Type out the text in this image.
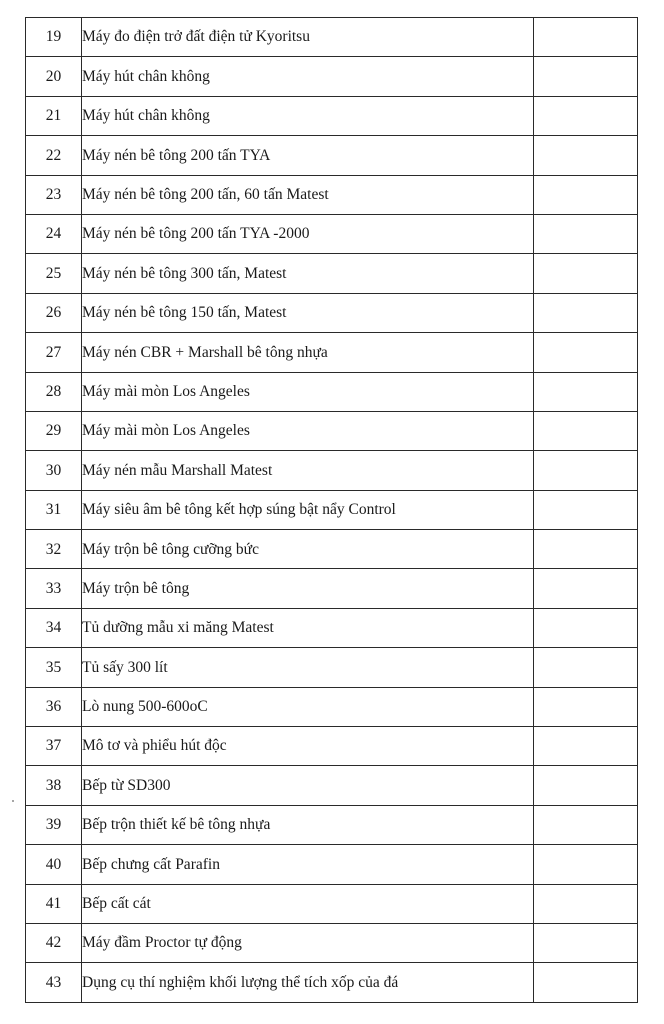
19	Máy đo điện trở đất điện tử Kyoritsu	
20	Máy hút chân không	
21	Máy hút chân không	
22	Máy nén bê tông 200 tấn TYA	
23	Máy nén bê tông 200 tấn, 60 tấn Matest	
24	Máy nén bê tông 200 tấn TYA -2000	
25	Máy nén bê tông 300 tấn, Matest	
26	Máy nén bê tông 150 tấn, Matest	
27	Máy nén CBR + Marshall bê tông nhựa	
28	Máy mài mòn Los Angeles	
29	Máy mài mòn Los Angeles	
30	Máy nén mẫu Marshall Matest	
31	Máy siêu âm bê tông kết hợp súng bật nẩy Control	
32	Máy trộn bê tông cưỡng bức	
33	Máy trộn bê tông	
34	Tủ dưỡng mẫu xi măng Matest	
35	Tủ sấy 300 lít	
36	Lò nung 500-600oC	
37	Mô tơ và phiểu hút độc	
38	Bếp từ SD300	
39	Bếp trộn thiết kế bê tông nhựa	
40	Bếp chưng cất Parafin	
41	Bếp cất cát	
42	Máy đầm Proctor tự động	
43	Dụng cụ thí nghiệm khối lượng thể tích xốp của đá	
